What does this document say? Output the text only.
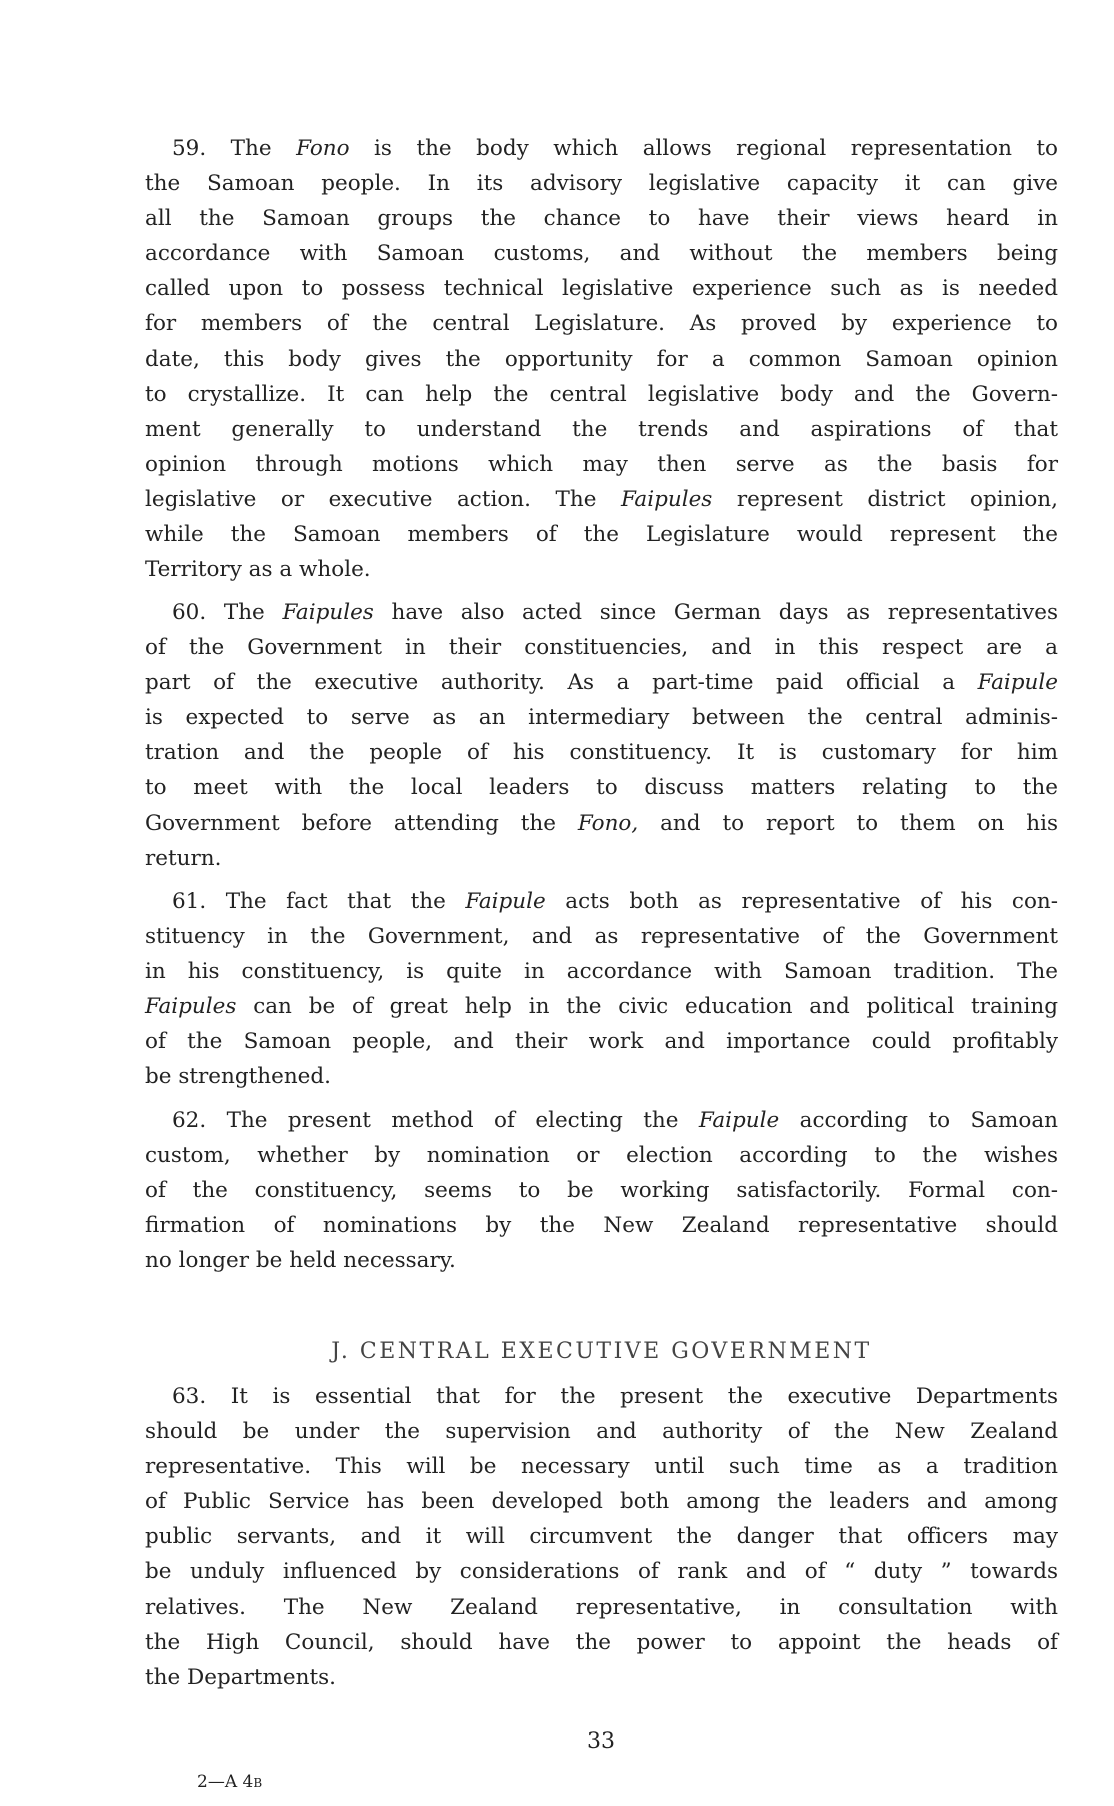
59. The Fono is the body which allows regional representation to
the Samoan people. In its advisory legislative capacity it can give
all the Samoan groups the chance to have their views heard in
accordance with Samoan customs, and without the members being
called upon to possess technical legislative experience such as is needed
for members of the central Legislature. As proved by experience to
date, this body gives the opportunity for a common Samoan opinion
to crystallize. It can help the central legislative body and the Govern-
ment generally to understand the trends and aspirations of that
opinion through motions which may then serve as the basis for
legislative or executive action. The Faipules represent district opinion,
while the Samoan members of the Legislature would represent the
Territory as a whole.
60. The Faipules have also acted since German days as representatives
of the Government in their constituencies, and in this respect are a
part of the executive authority. As a part-time paid official a Faipule
is expected to serve as an intermediary between the central adminis-
tration and the people of his constituency. It is customary for him
to meet with the local leaders to discuss matters relating to the
Government before attending the Fono, and to report to them on his
return.
61. The fact that the Faipule acts both as representative of his con-
stituency in the Government, and as representative of the Government
in his constituency, is quite in accordance with Samoan tradition. The
Faipules can be of great help in the civic education and political training
of the Samoan people, and their work and importance could profitably
be strengthened.
62. The present method of electing the Faipule according to Samoan
custom, whether by nomination or election according to the wishes
of the constituency, seems to be working satisfactorily. Formal con-
firmation of nominations by the New Zealand representative should
no longer be held necessary.
J. CENTRAL EXECUTIVE GOVERNMENT
63. It is essential that for the present the executive Departments
should be under the supervision and authority of the New Zealand
representative. This will be necessary until such time as a tradition
of Public Service has been developed both among the leaders and among
public servants, and it will circumvent the danger that officers may
be unduly influenced by considerations of rank and of “ duty ” towards
relatives. The New Zealand representative, in consultation with
the High Council, should have the power to appoint the heads of
the Departments.
33
2—A 4B
